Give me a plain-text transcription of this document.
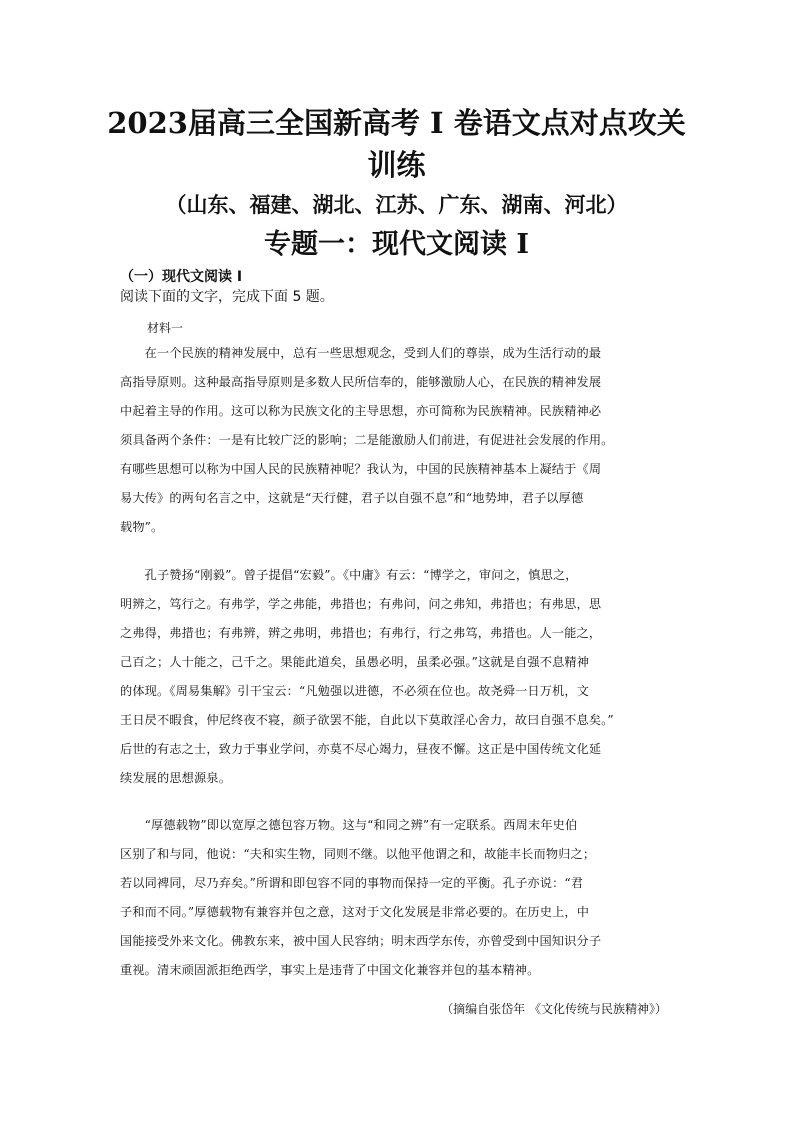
2023届高三全国新高考 I 卷语文点对点攻关
训练
（山东、福建、湖北、江苏、广东、湖南、河北）
专题一：现代文阅读 I
（一）现代文阅读 I
阅读下面的文字，完成下面 5 题。
材料一
　　在一个民族的精神发展中，总有一些思想观念，受到人们的尊崇，成为生活行动的最
高指导原则。这种最高指导原则是多数人民所信奉的，能够激励人心，在民族的精神发展
中起着主导的作用。这可以称为民族文化的主导思想，亦可简称为民族精神。民族精神必
须具备两个条件：一是有比较广泛的影响；二是能激励人们前进，有促进社会发展的作用。
有哪些思想可以称为中国人民的民族精神呢？我认为，中国的民族精神基本上凝结于《周
易大传》的两句名言之中，这就是“天行健，君子以自强不息”和“地势坤，君子以厚德
载物”。
　　孔子赞扬“刚毅”。曾子提倡“宏毅”。《中庸》有云：“博学之，审问之，慎思之，
明辨之，笃行之。有弗学，学之弗能，弗措也；有弗问，问之弗知，弗措也；有弗思，思
之弗得，弗措也；有弗辨，辨之弗明，弗措也；有弗行，行之弗笃，弗措也。人一能之，
己百之；人十能之，己千之。果能此道矣，虽愚必明，虽柔必强。”这就是自强不息精神
的体现。《周易集解》引干宝云：“凡勉强以进德，不必须在位也。故尧舜一日万机，文
王日昃不暇食，仲尼终夜不寝，颜子欲罢不能，自此以下莫敢淫心舍力，故曰自强不息矣。”
后世的有志之士，致力于事业学问，亦莫不尽心竭力，昼夜不懈。这正是中国传统文化延
续发展的思想源泉。
　　“厚德载物”即以宽厚之德包容万物。这与“和同之辨”有一定联系。西周末年史伯
区别了和与同，他说：“夫和实生物，同则不继。以他平他谓之和，故能丰长而物归之；
若以同裨同，尽乃弃矣。”所谓和即包容不同的事物而保持一定的平衡。孔子亦说：“君
子和而不同。”厚德载物有兼容并包之意，这对于文化发展是非常必要的。在历史上，中
国能接受外来文化。佛教东来，被中国人民容纳；明末西学东传，亦曾受到中国知识分子
重视。清末顽固派拒绝西学，事实上是违背了中国文化兼容并包的基本精神。
（摘编自张岱年 《文化传统与民族精神》）
